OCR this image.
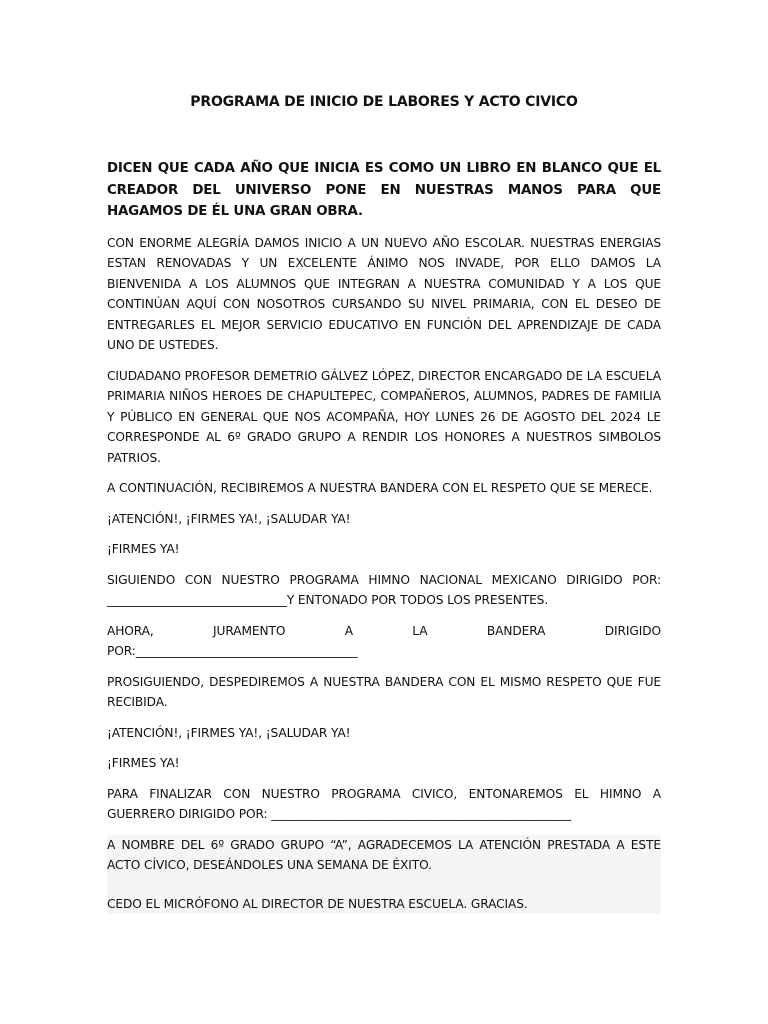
PROGRAMA DE INICIO DE LABORES Y ACTO CIVICO

DICEN QUE CADA AÑO QUE INICIA ES COMO UN LIBRO EN BLANCO QUE EL CREADOR DEL UNIVERSO PONE EN NUESTRAS MANOS PARA QUE HAGAMOS DE ÉL UNA GRAN OBRA.

CON ENORME ALEGRÍA DAMOS INICIO A UN NUEVO AÑO ESCOLAR. NUESTRAS ENERGIAS ESTAN RENOVADAS Y UN EXCELENTE ÁNIMO NOS INVADE, POR ELLO DAMOS LA BIENVENIDA A LOS ALUMNOS QUE INTEGRAN A NUESTRA COMUNIDAD Y A LOS QUE CONTINÚAN AQUÍ CON NOSOTROS CURSANDO SU NIVEL PRIMARIA, CON EL DESEO DE ENTREGARLES EL MEJOR SERVICIO EDUCATIVO EN FUNCIÓN DEL APRENDIZAJE DE CADA UNO DE USTEDES.

CIUDADANO PROFESOR DEMETRIO GÁLVEZ LÓPEZ, DIRECTOR ENCARGADO DE LA ESCUELA PRIMARIA NIÑOS HEROES DE CHAPULTEPEC, COMPAÑEROS, ALUMNOS, PADRES DE FAMILIA Y PÚBLICO EN GENERAL QUE NOS ACOMPAÑA, HOY LUNES 26 DE AGOSTO DEL 2024 LE CORRESPONDE AL 6º GRADO GRUPO A RENDIR LOS HONORES A NUESTROS SIMBOLOS PATRIOS.

A CONTINUACIÓN, RECIBIREMOS A NUESTRA BANDERA CON EL RESPETO QUE SE MERECE.

¡ATENCIÓN!, ¡FIRMES YA!, ¡SALUDAR YA!

¡FIRMES YA!

SIGUIENDO CON NUESTRO PROGRAMA HIMNO NACIONAL MEXICANO DIRIGIDO POR:
______________________________Y ENTONADO POR TODOS LOS PRESENTES.

AHORA, JURAMENTO A LA BANDERA DIRIGIDO
POR:_____________________________________

PROSIGUIENDO, DESPEDIREMOS A NUESTRA BANDERA CON EL MISMO RESPETO QUE FUE RECIBIDA.

¡ATENCIÓN!, ¡FIRMES YA!, ¡SALUDAR YA!

¡FIRMES YA!

PARA FINALIZAR CON NUESTRO PROGRAMA CIVICO, ENTONAREMOS EL HIMNO A
GUERRERO DIRIGIDO POR: __________________________________________________

A NOMBRE DEL 6º GRADO GRUPO “A”, AGRADECEMOS LA ATENCIÓN PRESTADA A ESTE ACTO CÍVICO, DESEÁNDOLES UNA SEMANA DE ÉXITO.

CEDO EL MICRÓFONO AL DIRECTOR DE NUESTRA ESCUELA. GRACIAS.
